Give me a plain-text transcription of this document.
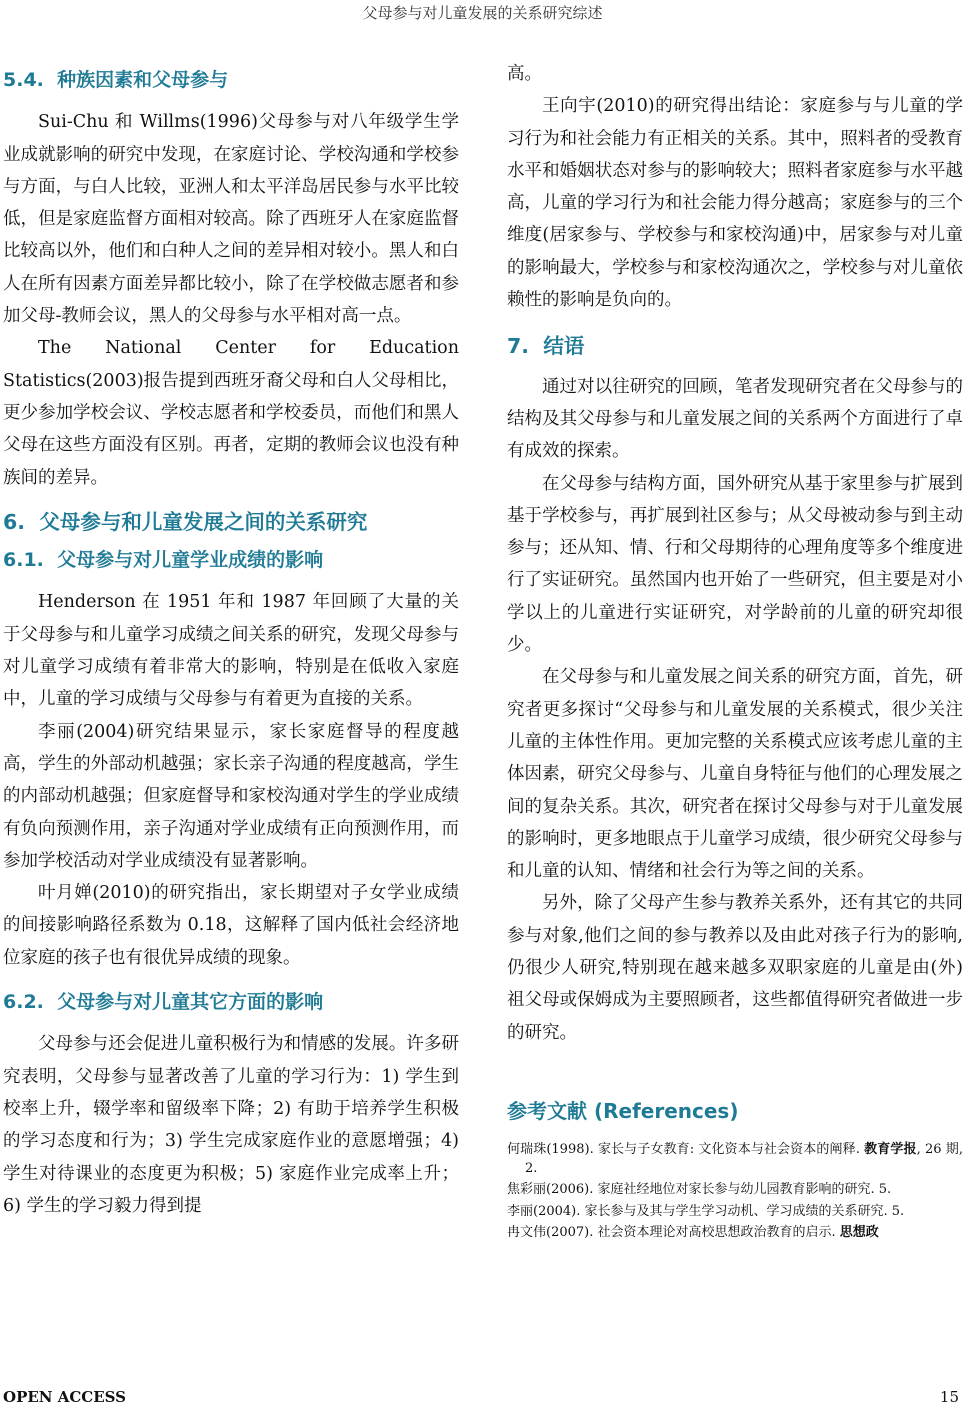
父母参与对儿童发展的关系研究综述
5.4. 种族因素和父母参与

Sui-Chu 和 Willms(1996)父母参与对八年级学生学业成就影响的研究中发现，在家庭讨论、学校沟通和学校参与方面，与白人比较，亚洲人和太平洋岛居民参与水平比较低，但是家庭监督方面相对较高。除了西班牙人在家庭监督比较高以外，他们和白种人之间的差异相对较小。黑人和白人在所有因素方面差异都比较小，除了在学校做志愿者和参加父母-教师会议，黑人的父母参与水平相对高一点。

The National Center for Education Statistics(2003)报告提到西班牙裔父母和白人父母相比，更少参加学校会议、学校志愿者和学校委员，而他们和黑人父母在这些方面没有区别。再者，定期的教师会议也没有种族间的差异。

6. 父母参与和儿童发展之间的关系研究
6.1. 父母参与对儿童学业成绩的影响

Henderson 在 1951 年和 1987 年回顾了大量的关于父母参与和儿童学习成绩之间关系的研究，发现父母参与对儿童学习成绩有着非常大的影响，特别是在低收入家庭中，儿童的学习成绩与父母参与有着更为直接的关系。

李丽(2004)研究结果显示，家长家庭督导的程度越高，学生的外部动机越强；家长亲子沟通的程度越高，学生的内部动机越强；但家庭督导和家校沟通对学生的学业成绩有负向预测作用，亲子沟通对学业成绩有正向预测作用，而参加学校活动对学业成绩没有显著影响。

叶月婵(2010)的研究指出，家长期望对子女学业成绩的间接影响路径系数为 0.18，这解释了国内低社会经济地位家庭的孩子也有很优异成绩的现象。

6.2. 父母参与对儿童其它方面的影响

父母参与还会促进儿童积极行为和情感的发展。许多研究表明，父母参与显著改善了儿童的学习行为：1) 学生到校率上升，辍学率和留级率下降；2) 有助于培养学生积极的学习态度和行为；3) 学生完成家庭作业的意愿增强；4) 学生对待课业的态度更为积极；5) 家庭作业完成率上升；6) 学生的学习毅力得到提

高。

王向宇(2010)的研究得出结论：家庭参与与儿童的学习行为和社会能力有正相关的关系。其中，照料者的受教育水平和婚姻状态对参与的影响较大；照料者家庭参与水平越高，儿童的学习行为和社会能力得分越高；家庭参与的三个维度(居家参与、学校参与和家校沟通)中，居家参与对儿童的影响最大，学校参与和家校沟通次之，学校参与对儿童依赖性的影响是负向的。

7. 结语

通过对以往研究的回顾，笔者发现研究者在父母参与的结构及其父母参与和儿童发展之间的关系两个方面进行了卓有成效的探索。

在父母参与结构方面，国外研究从基于家里参与扩展到基于学校参与，再扩展到社区参与；从父母被动参与到主动参与；还从知、情、行和父母期待的心理角度等多个维度进行了实证研究。虽然国内也开始了一些研究，但主要是对小学以上的儿童进行实证研究，对学龄前的儿童的研究却很少。

在父母参与和儿童发展之间关系的研究方面，首先，研究者更多探讨“父母参与和儿童发展的关系模式，很少关注儿童的主体性作用。更加完整的关系模式应该考虑儿童的主体因素，研究父母参与、儿童自身特征与他们的心理发展之间的复杂关系。其次，研究者在探讨父母参与对于儿童发展的影响时，更多地眼点于儿童学习成绩，很少研究父母参与和儿童的认知、情绪和社会行为等之间的关系。

另外，除了父母产生参与教养关系外，还有其它的共同参与对象,他们之间的参与教养以及由此对孩子行为的影响,仍很少人研究,特别现在越来越多双职家庭的儿童是由(外)祖父母或保姆成为主要照顾者，这些都值得研究者做进一步的研究。

参考文献 (References)
何瑞珠(1998). 家长与子女教育: 文化资本与社会资本的阐释. 教育学报, 26 期, 2.
焦彩丽(2006). 家庭社经地位对家长参与幼儿园教育影响的研究. 5.
李丽(2004). 家长参与及其与学生学习动机、学习成绩的关系研究. 5.
冉文伟(2007). 社会资本理论对高校思想政治教育的启示. 思想政
OPEN ACCESS	15
